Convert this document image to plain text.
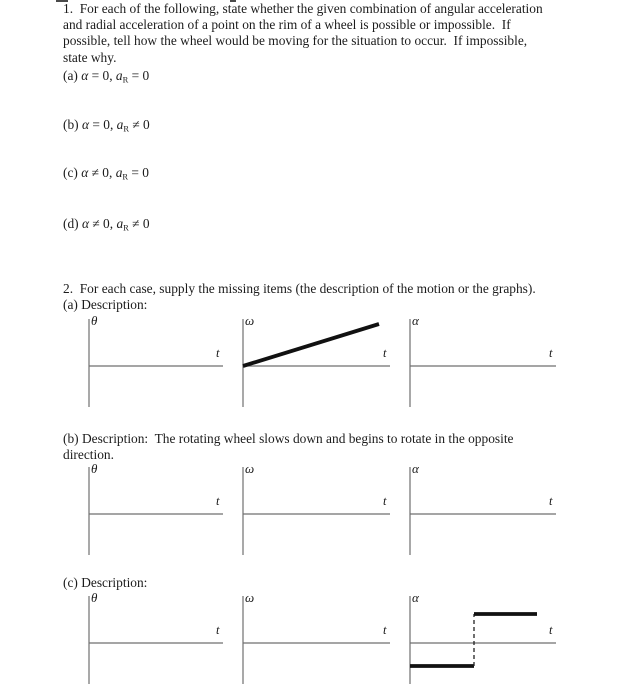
1.  For each of the following, state whether the given combination of angular acceleration
and radial acceleration of a point on the rim of a wheel is possible or impossible.  If
possible, tell how the wheel would be moving for the situation to occur.  If impossible,
state why.
(a) α = 0, $a_R = 0$
(b) α = 0, $a_R \ne 0$
(c) α ≠ 0, $a_R = 0$
(d) α ≠ 0, $a_R \ne 0$
2.  For each case, supply the missing items (the description of the motion or the graphs).
(a) Description:
(b) Description:  The rotating wheel slows down and begins to rotate in the opposite
direction.
(c) Description:
θ
t
ω
t
α
t
θ
t
ω
t
α
t
θ
t
ω
t
α
t
